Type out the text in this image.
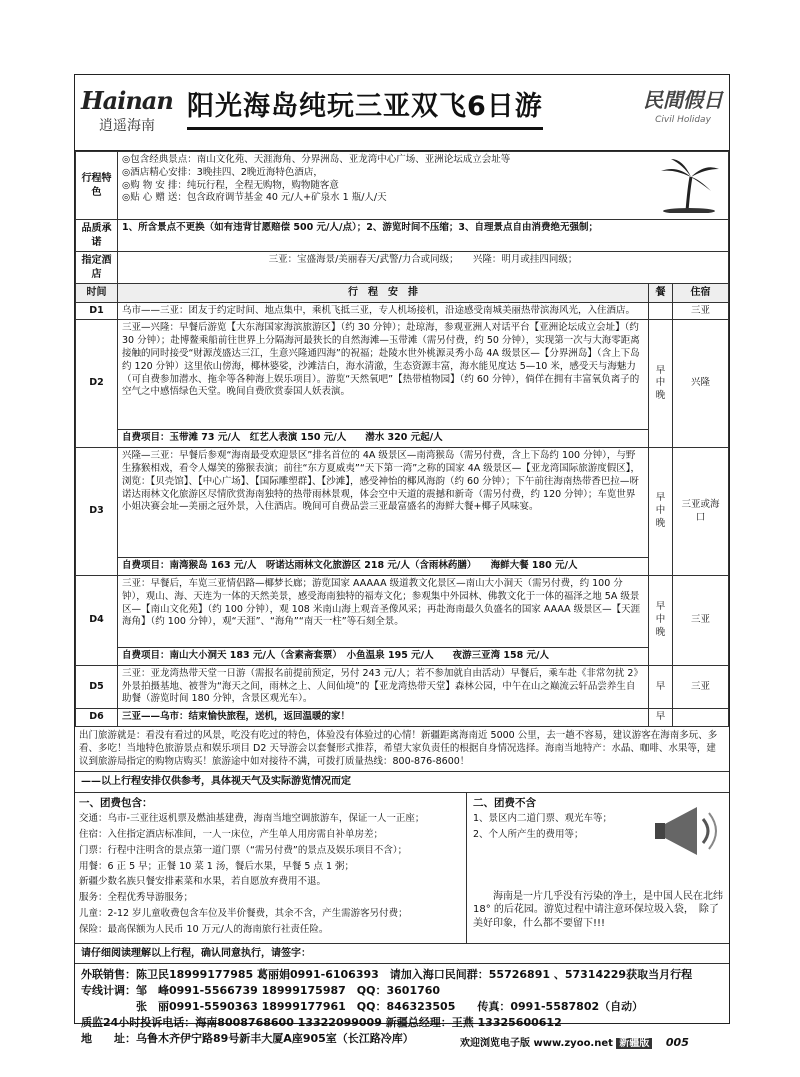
Hainan
逍遥海南
阳光海岛纯玩三亚双飞6日游	民間假日
Civil Holiday
行程特色	◎包含经典景点：南山文化苑、天涯海角、分界洲岛、亚龙湾中心广场、亚洲论坛成立会址等
◎酒店精心安排：3晚挂四、2晚近海特色酒店，
◎购 物 安 排：纯玩行程，全程无购物，购物随客意
◎贴 心 赠 送：包含政府调节基金 40 元/人+矿泉水 1 瓶/人/天		

品质承诺	1、所含景点不更换（如有违背甘愿赔偿 500 元/人/点）；2、游览时间不压缩；3、自理景点自由消费绝无强制；		
指定酒店	三亚：宝盛海景/美丽春天/武警/力合或同级；　　兴隆：明月或挂四同级；		
时间	行　程　安　排	餐	住宿
D1	乌市——三亚：团友于约定时间、地点集中，乘机飞抵三亚，专人机场接机，沿途感受南城美丽热带滨海风光，入住酒店。		三亚
D2	三亚—兴隆：早餐后游览【大东海国家海滨旅游区】（约 30 分钟）；赴琼海，参观亚洲人对话平台【亚洲论坛成立会址】（约 30 分钟）；赴博鳌乘船前往世界上分隔海河最狭长的自然海滩—玉带滩（需另付费，约 50 分钟），实现第一次与大海零距离接触的同时接受“财源茂盛达三江，生意兴隆通四海”的祝福；赴陵水世外桃源灵秀小岛 4A 级景区—【分界洲岛】（含上下岛约 120 分钟）这里依山傍海，椰林婆娑，沙滩洁白，海水清澈，生态资源丰富，海水能见度达 5—10 米，感受天与海魅力（可自费参加潜水、拖伞等各种海上娱乐项目）。游览“天然氧吧”【热带植物园】（约 60 分钟），倘佯在拥有丰富氧负离子的空气之中感悟绿色天堂。晚间自费欣赏泰国人妖表演。	早中晚	兴隆
	自费项目：玉带滩 73 元/人　红艺人表演 150 元/人　　潜水 320 元起/人		
D3	兴隆—三亚：早餐后参观“海南最受欢迎景区”排名首位的 4A 级景区—南湾猴岛（需另付费，含上下岛约 100 分钟），与野生猕猴相戏，看令人爆笑的猕猴表演；前往“东方夏威夷”“天下第一湾”之称的国家 4A 级景区—【亚龙湾国际旅游度假区】，浏览：【贝壳馆】、【中心广场】、【国际雕塑群】、【沙滩】，感受神怡的椰风海韵（约 60 分钟）；下午前往海南热带香巴拉—呀诺达雨林文化旅游区尽情欣赏海南独特的热带雨林景观，体会空中天道的震撼和新奇（需另付费，约 120 分钟）；车览世界小姐决赛会址—美丽之冠外景，入住酒店。晚间可自费品尝三亚最富盛名的海鲜大餐+椰子风味宴。	早中晚	三亚或海口
	自费项目：南湾猴岛 163 元/人　呀诺达雨林文化旅游区 218 元/人（含雨林药膳）　　海鲜大餐 180 元/人		
D4	三亚：早餐后，车览三亚情侣路—椰梦长廊；游览国家 AAAAA 级道教文化景区—南山大小洞天（需另付费，约 100 分钟），观山、海、天连为一体的天然美景，感受海南独特的福寿文化；参观集中外园林、佛教文化于一体的福泽之地 5A 级景区—【南山文化苑】（约 100 分钟），观 108 米南山海上观音圣像风采；再赴海南最久负盛名的国家 AAAA 级景区—【天涯海角】（约 100 分钟），观“天涯”、“海角”“南天一柱”等石刻全景。	早中晚	三亚
	自费项目：南山大小洞天 183 元/人（含素斋套票）　小鱼温泉 195 元/人　　夜游三亚湾 158 元/人		
D5	三亚：亚龙湾热带天堂一日游（需报名前提前预定，另付 243 元/人；若不参加就自由活动）早餐后，乘车赴《非常勿扰 2》外景拍摄基地、被誉为“海天之间，雨林之上、人间仙境”的【亚龙湾热带天堂】森林公园，中午在山之巅流云轩品尝养生自助餐（游览时间 180 分钟，含景区观光车）。	早	三亚
D6	三亚——乌市：结束愉快旅程，送机，返回温暖的家！	早	
出门旅游就是：看没有看过的风景，吃没有吃过的特色，体验没有体验过的心情！新疆距离海南近 5000 公里，去一趟不容易，建议游客在海南多玩、多看、多吃！当地特色旅游景点和娱乐项目 D2 天导游会以套餐形式推荐，希望大家负责任的根据自身情况选择。海南当地特产：水晶、咖啡、水果等，建议到旅游局指定的购物店购买！旅游途中如对接待不满，可拨打质量热线：800-876-8600！
——以上行程安排仅供参考，具体视天气及实际游览情况而定
一、团费包含：

交通：乌市-三亚往返机票及燃油基建费，海南当地空调旅游车，保证一人一正座；

住宿：入住指定酒店标准间，一人一床位，产生单人用房需自补单房差；

门票：行程中注明含的景点第一道门票（“需另付费”的景点及娱乐项目不含）；

用餐：6 正 5 早；正餐 10 菜 1 汤，餐后水果，早餐 5 点 1 粥；

新疆少数名族只餐安排素菜和水果，若自愿放弃费用不退。

服务：全程优秀导游服务；

儿童：2-12 岁儿童收费包含车位及半价餐费，其余不含，产生需游客另付费；

保险：最高保额为人民币 10 万元/人的海南旅行社责任险。

二、团费不含

1、景区内二道门票、观光车等；

2、个人所产生的费用等；

海南是一片几乎没有污染的净土，是中国人民在北纬 18° 的后花园。游览过程中请注意环保垃圾入袋，　除了美好印象，什么都不要留下!!!

请仔细阅读理解以上行程，确认同意执行，请签字：
外联销售：陈卫民18999177985 葛丽娟0991-6106393　请加入海口民间群：55726891 、57314229获取当月行程
专线计调：邹　峰0991-5566739 18999175987　QQ：3601760
　　　　　张　丽0991-5590363 18999177961　QQ：846323505　　传真：0991-5587802（自动）
质监24小时投诉电话：海南8008768600 13322099009 新疆总经理：王燕 13325600612
地　　址：乌鲁木齐伊宁路89号新丰大厦A座905室（长江路冷库）	欢迎浏览电子版 www.zyoo.net 新疆版 005
